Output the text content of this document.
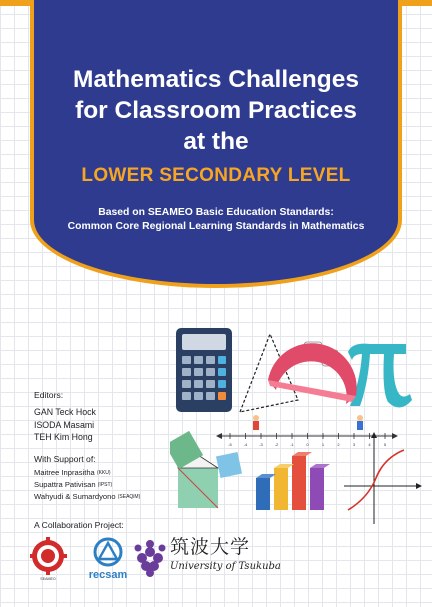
Mathematics Challenges
for Classroom Practices
at the
LOWER SECONDARY LEVEL
Based on SEAMEO Basic Education Standards:
Common Core Regional Learning Standards in Mathematics
-5	-4	-3	-2	-1	0	1	2	3	4	5
Editors:
GAN Teck Hock
ISODA Masami
TEH Kim Hong
With Support of:
Maitree Inprasitha (KKU)
Supattra Pativisan (IPST)
Wahyudi & Sumardyono (SEAQiM)
A Collaboration Project:
SEAMEO	recsam
筑波大学
University of Tsukuba
